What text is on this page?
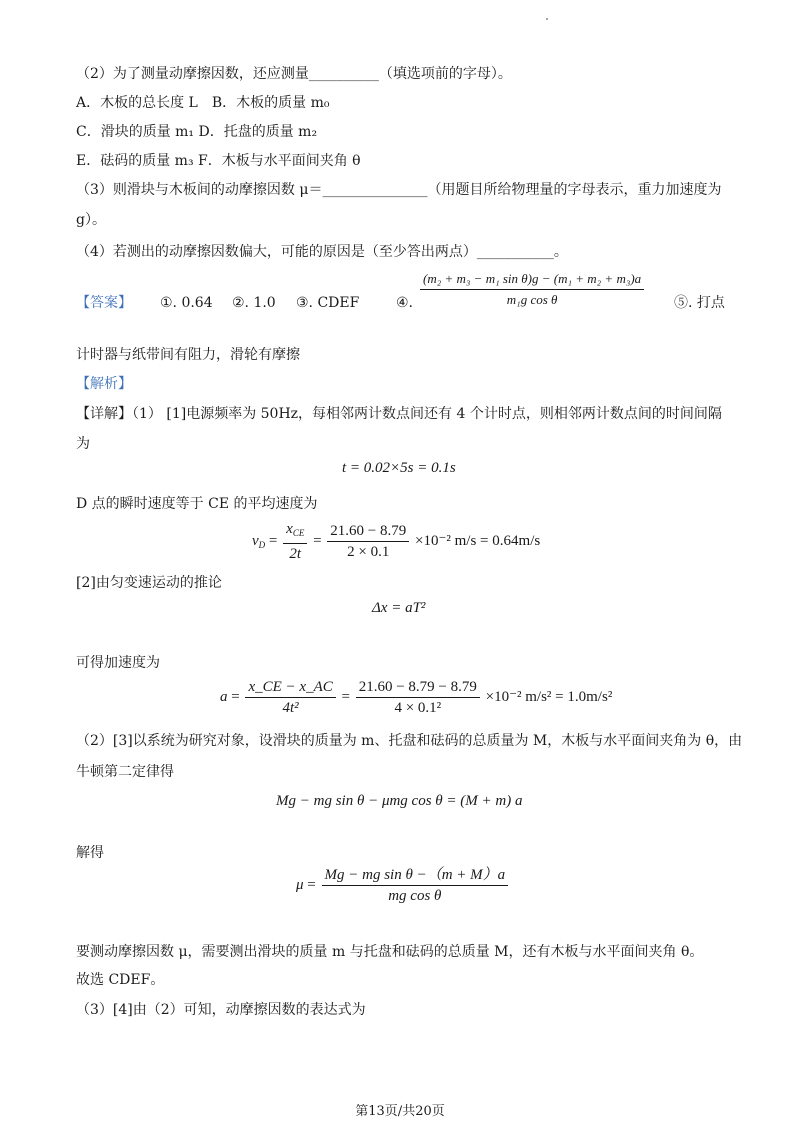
（2）为了测量动摩擦因数，还应测量__________（填选项前的字母）。
A．木板的总长度 L　B．木板的质量 m₀
C．滑块的质量 m₁ D．托盘的质量 m₂
E．砝码的质量 m₃ F．木板与水平面间夹角 θ
（3）则滑块与木板间的动摩擦因数 μ＝_______________（用题目所给物理量的字母表示，重力加速度为
g）。
（4）若测出的动摩擦因数偏大，可能的原因是（至少答出两点）___________。
【答案】 ①. 0.64 ②. 1.0 ③. CDEF	④. $\frac{\text{(m₂ + m₃ − m₁ sin θ)g − (m₁ + m₂ + m₃)a}}{\text{m₁g cos θ}}$ ⑤. 打点
计时器与纸带间有阻力，滑轮有摩擦
【解析】
【详解】（1） [1]电源频率为 50Hz，每相邻两计数点间还有 4 个计时点，则相邻两计数点间的时间间隔
为
t = 0.02×5s = 0.1s
D 点的瞬时速度等于 CE 的平均速度为
$v_D = \frac{x_{CE}}{2t} = \frac{21.60 - 8.79}{2 \times 0.1} \times 10^{-2}$ m/s = 0.64m/s
[2]由匀变速运动的推论
Δx = aT²
可得加速度为
$a = \frac{x\_CE - x\_AC}{\text{4t²}} = \frac{21.60 - 8.79 - 8.79}{\text{4 × 0.1²}} \times 10^{-2}$ m/s² = 1.0m/s²
（2）[3]以系统为研究对象，设滑块的质量为 m、托盘和砝码的总质量为 M，木板与水平面间夹角为 θ，由
牛顿第二定律得
Mg − mg sin θ − μmg cos θ = (M + m) a
解得
$\mu = \frac{\text{Mg − mg sin θ −（m + M）a}}{\text{mg cos θ}}$
要测动摩擦因数 μ，需要测出滑块的质量 m 与托盘和砝码的总质量 M，还有木板与水平面间夹角 θ。
故选 CDEF。
（3）[4]由（2）可知，动摩擦因数的表达式为
第13页/共20页
